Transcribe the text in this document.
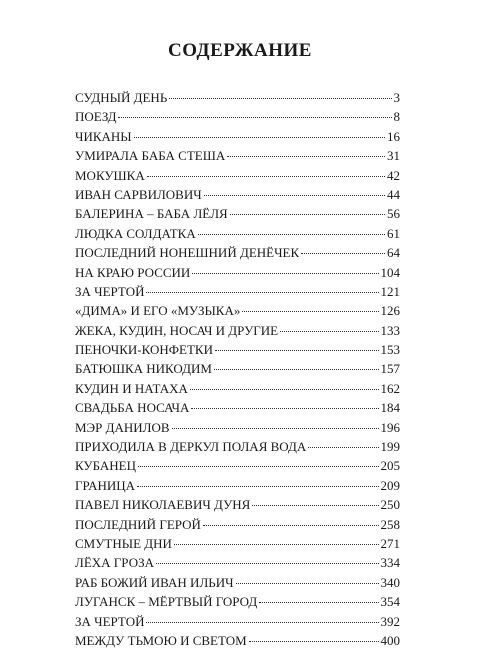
СОДЕРЖАНИЕ
СУДНЫЙ ДЕНЬ	3
ПОЕЗД	8
ЧИКАНЫ	16
УМИРАЛА БАБА СТЕША	31
МОКУШКА	42
ИВАН САРВИЛОВИЧ	44
БАЛЕРИНА – БАБА ЛЁЛЯ	56
ЛЮДКА СОЛДАТКА	61
ПОСЛЕДНИЙ НОНЕШНИЙ ДЕНЁЧЕК	64
НА КРАЮ РОССИИ	104
ЗА ЧЕРТОЙ	121
«ДИМА» И ЕГО «МУЗЫКА»	126
ЖЕКА, КУДИН, НОСАЧ И ДРУГИЕ	133
ПЕНОЧКИ-КОНФЕТКИ	153
БАТЮШКА НИКОДИМ	157
КУДИН И НАТАХА	162
СВАДЬБА НОСАЧА	184
МЭР ДАНИЛОВ	196
ПРИХОДИЛА В ДЕРКУЛ ПОЛАЯ ВОДА	199
КУБАНЕЦ	205
ГРАНИЦА	209
ПАВЕЛ НИКОЛАЕВИЧ ДУНЯ	250
ПОСЛЕДНИЙ ГЕРОЙ	258
СМУТНЫЕ ДНИ	271
ЛЁХА ГРОЗА	334
РАБ БОЖИЙ ИВАН ИЛЬИЧ	340
ЛУГАНСК – МЁРТВЫЙ ГОРОД	354
ЗА ЧЕРТОЙ	392
МЕЖДУ ТЬМОЮ И СВЕТОМ	400
